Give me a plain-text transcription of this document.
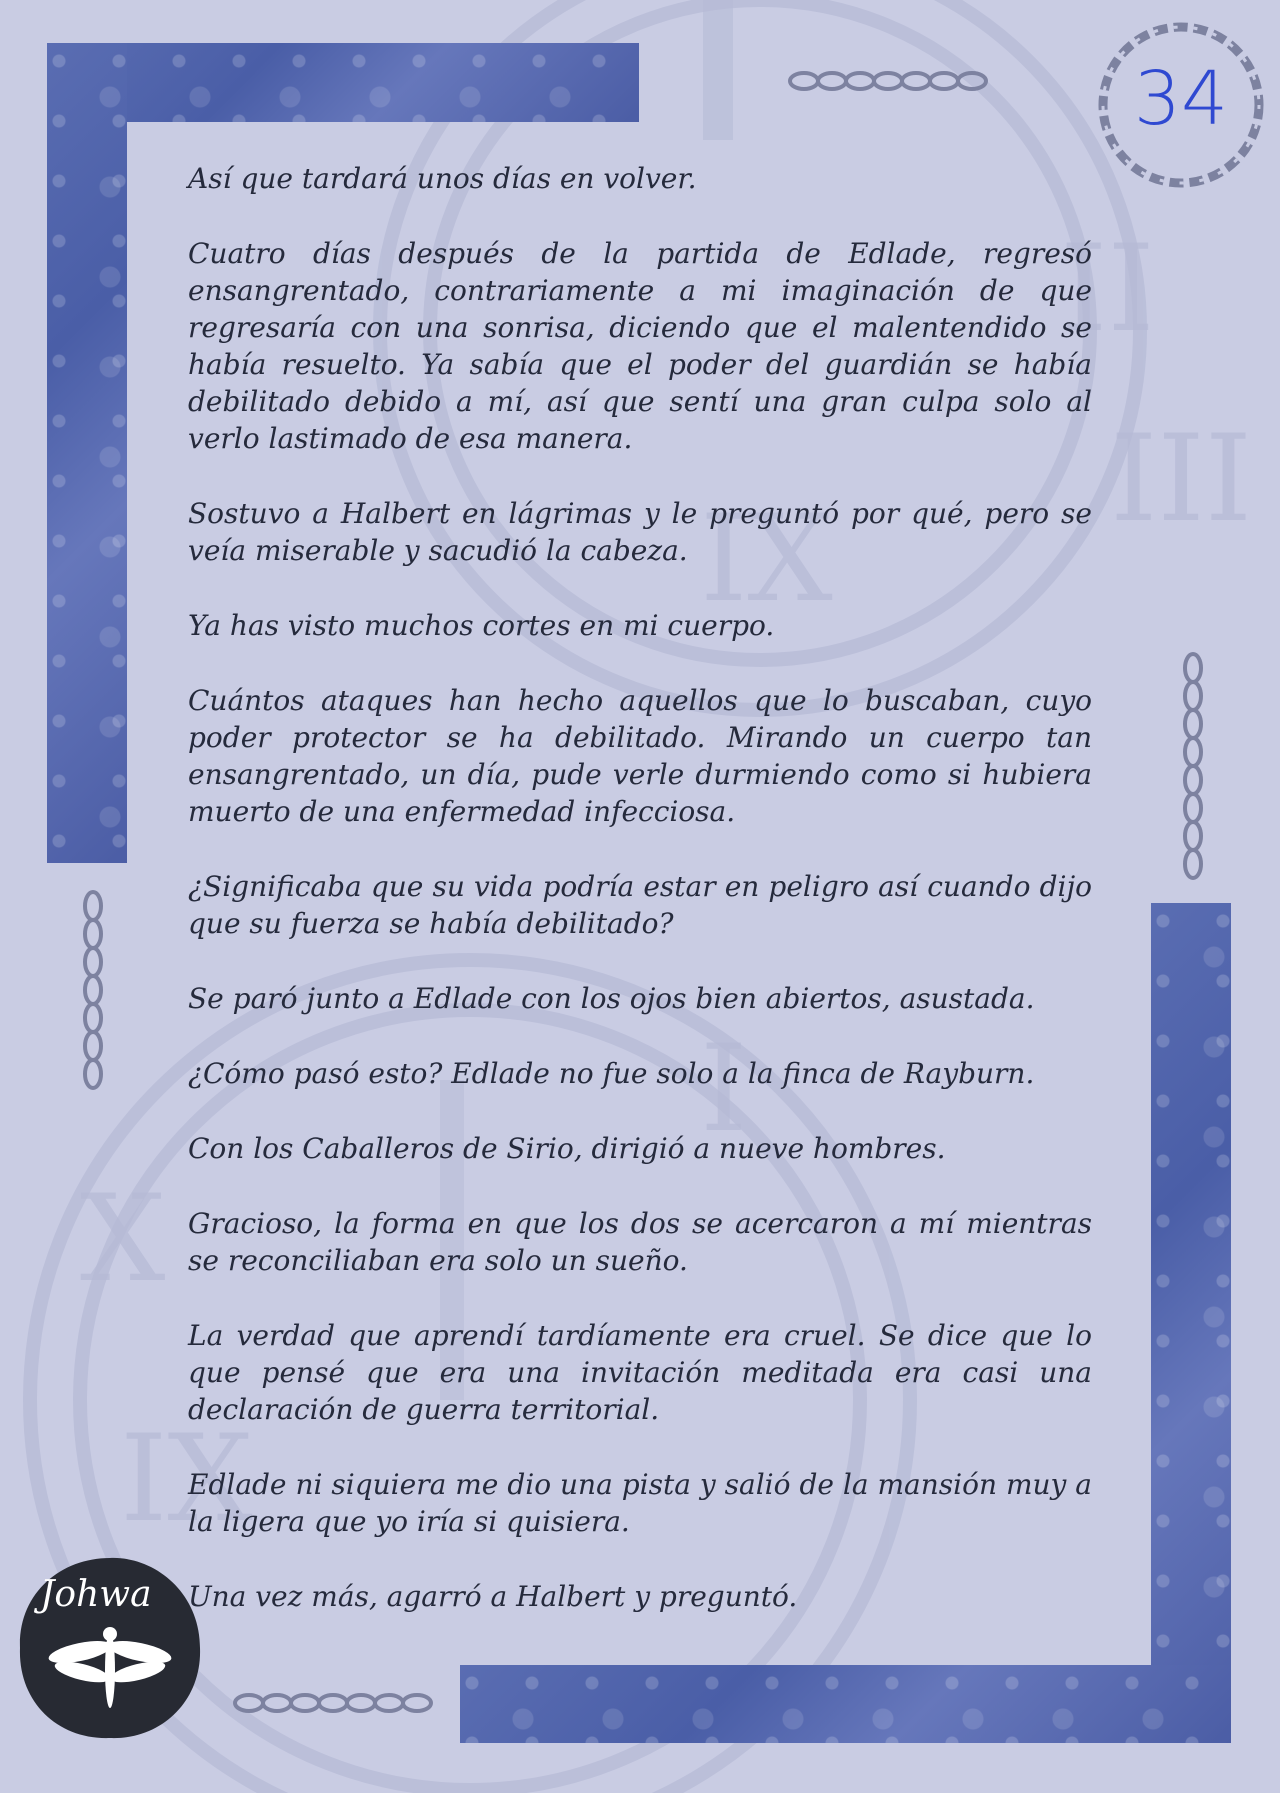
IX
II
III
X
IX
I
34

Así que tardará unos días en volver.

Cuatro días después de la partida de Edlade, regresó ensangrentado, contrariamente a mi imaginación de que regresaría con una sonrisa, diciendo que el malentendido se había resuelto. Ya sabía que el poder del guardián se había debilitado debido a mí, así que sentí una gran culpa solo al verlo lastimado de esa manera.

Sostuvo a Halbert en lágrimas y le preguntó por qué, pero se veía miserable y sacudió la cabeza.

Ya has visto muchos cortes en mi cuerpo.

Cuántos ataques han hecho aquellos que lo buscaban, cuyo poder protector se ha debilitado. Mirando un cuerpo tan ensangrentado, un día, pude verle durmiendo como si hubiera muerto de una enfermedad infecciosa.

¿Significaba que su vida podría estar en peligro así cuando dijo que su fuerza se había debilitado?

Se paró junto a Edlade con los ojos bien abiertos, asustada.

¿Cómo pasó esto? Edlade no fue solo a la finca de Rayburn.

Con los Caballeros de Sirio, dirigió a nueve hombres.

Gracioso, la forma en que los dos se acercaron a mí mientras se reconciliaban era solo un sueño.

La verdad que aprendí tardíamente era cruel. Se dice que lo que pensé que era una invitación meditada era casi una declaración de guerra territorial.

Edlade ni siquiera me dio una pista y salió de la mansión muy a la ligera que yo iría si quisiera.

Una vez más, agarró a Halbert y preguntó.

Johwa
